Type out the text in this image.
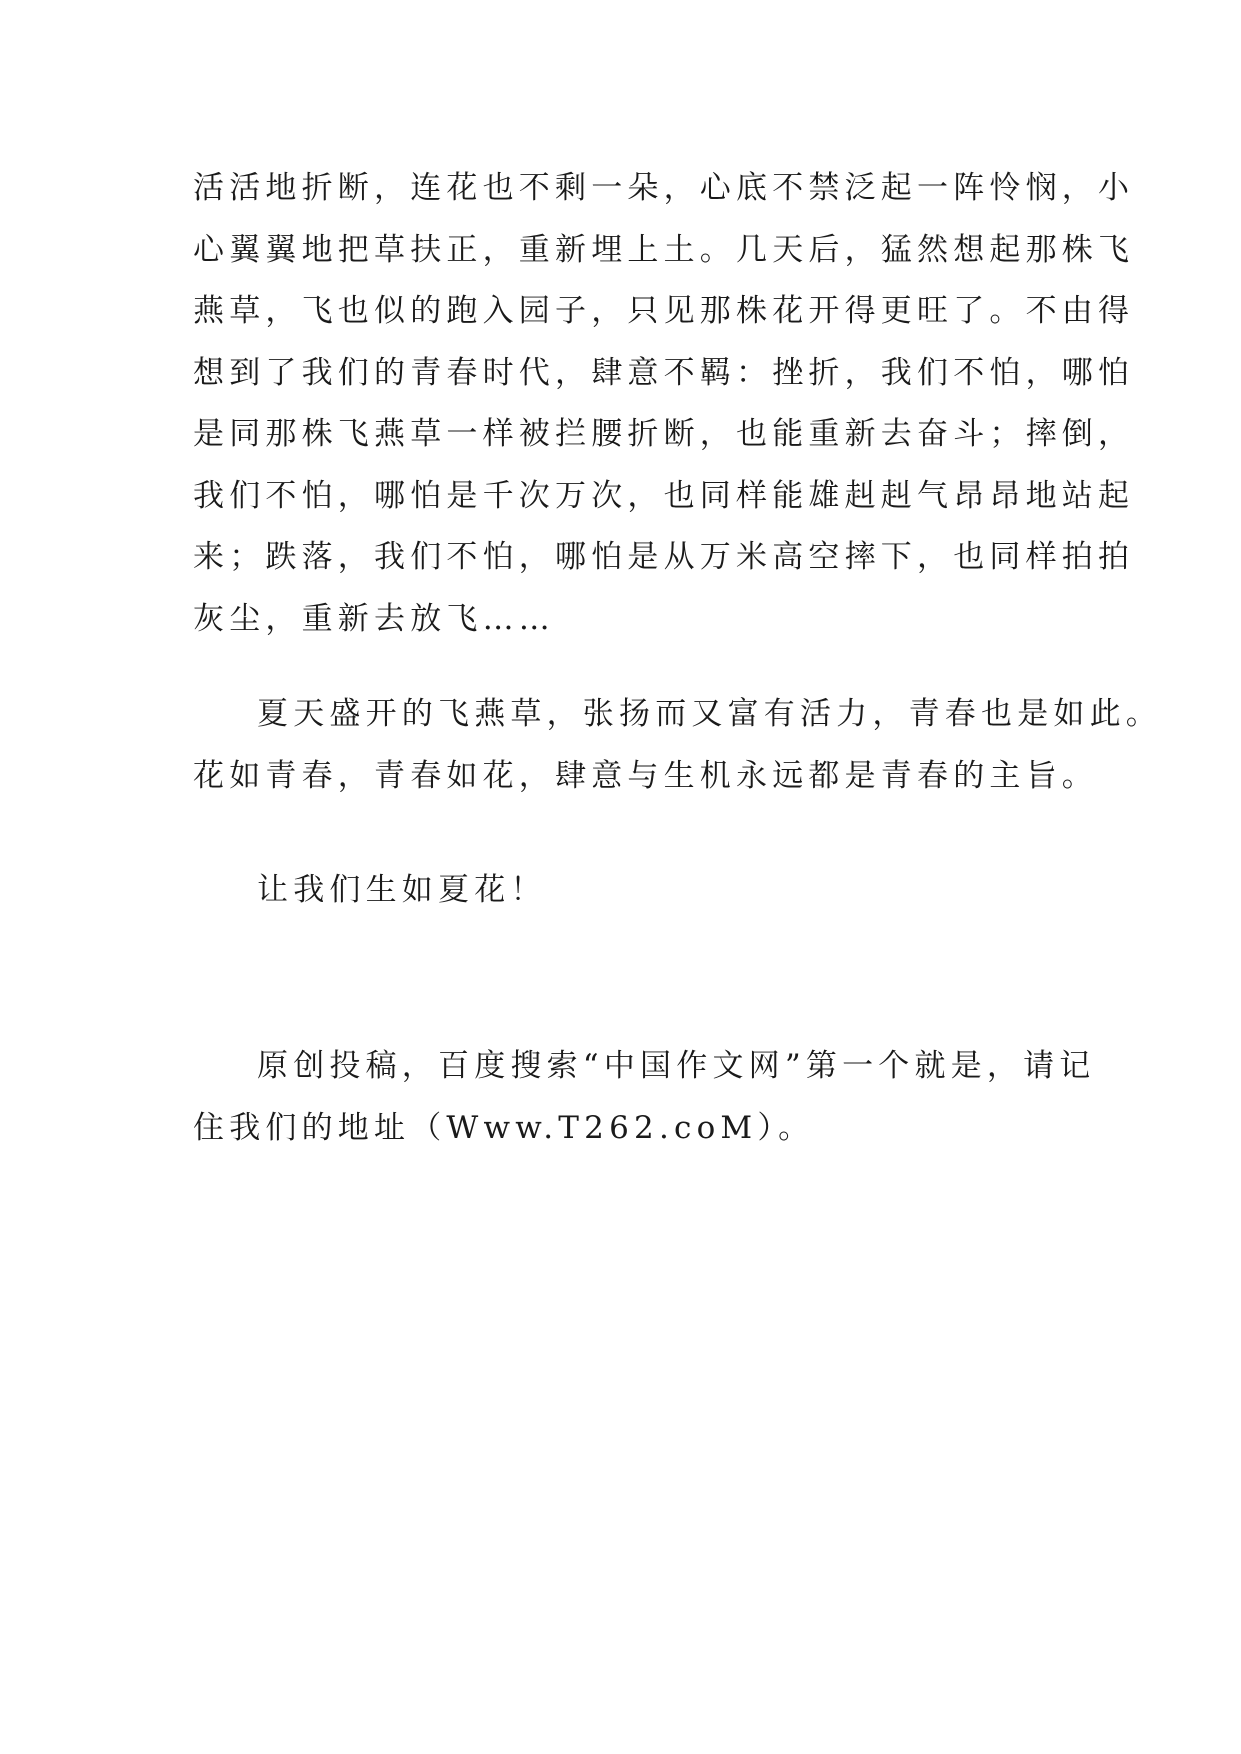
活活地折断，连花也不剩一朵，心底不禁泛起一阵怜悯，小
心翼翼地把草扶正，重新埋上土。几天后，猛然想起那株飞
燕草，飞也似的跑入园子，只见那株花开得更旺了。不由得
想到了我们的青春时代，肆意不羁：挫折，我们不怕，哪怕
是同那株飞燕草一样被拦腰折断，也能重新去奋斗；摔倒，
我们不怕，哪怕是千次万次，也同样能雄赳赳气昂昂地站起
来；跌落，我们不怕，哪怕是从万米高空摔下，也同样拍拍
灰尘，重新去放飞……
夏天盛开的飞燕草，张扬而又富有活力，青春也是如此。
花如青春，青春如花，肆意与生机永远都是青春的主旨。
让我们生如夏花！
原创投稿，百度搜索“中国作文网”第一个就是，请记
住我们的地址（Www.T262.coM）。
